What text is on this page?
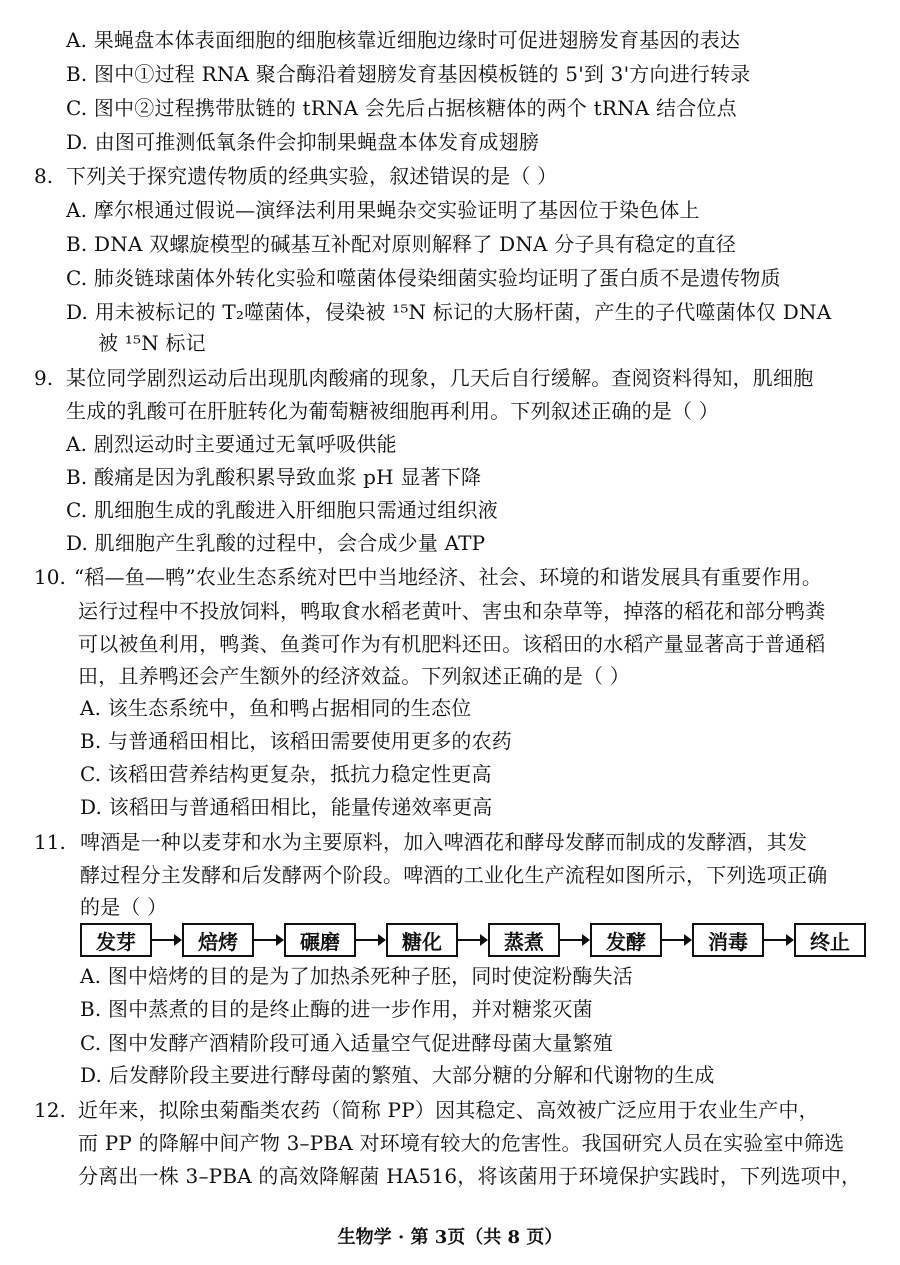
A. 果蝇盘本体表面细胞的细胞核靠近细胞边缘时可促进翅膀发育基因的表达
B. 图中①过程 RNA 聚合酶沿着翅膀发育基因模板链的 5'到 3'方向进行转录
C. 图中②过程携带肽链的 tRNA 会先后占据核糖体的两个 tRNA 结合位点
D. 由图可推测低氧条件会抑制果蝇盘本体发育成翅膀
8. 下列关于探究遗传物质的经典实验，叙述错误的是（ ）
A. 摩尔根通过假说—演绎法利用果蝇杂交实验证明了基因位于染色体上
B. DNA 双螺旋模型的碱基互补配对原则解释了 DNA 分子具有稳定的直径
C. 肺炎链球菌体外转化实验和噬菌体侵染细菌实验均证明了蛋白质不是遗传物质
D. 用未被标记的 T₂噬菌体，侵染被 ¹⁵N 标记的大肠杆菌，产生的子代噬菌体仅 DNA
被 ¹⁵N 标记
9. 某位同学剧烈运动后出现肌肉酸痛的现象，几天后自行缓解。查阅资料得知，肌细胞
生成的乳酸可在肝脏转化为葡萄糖被细胞再利用。下列叙述正确的是（ ）
A. 剧烈运动时主要通过无氧呼吸供能
B. 酸痛是因为乳酸积累导致血浆 pH 显著下降
C. 肌细胞生成的乳酸进入肝细胞只需通过组织液
D. 肌细胞产生乳酸的过程中，会合成少量 ATP
10. “稻—鱼—鸭”农业生态系统对巴中当地经济、社会、环境的和谐发展具有重要作用。
运行过程中不投放饲料，鸭取食水稻老黄叶、害虫和杂草等，掉落的稻花和部分鸭粪
可以被鱼利用，鸭粪、鱼粪可作为有机肥料还田。该稻田的水稻产量显著高于普通稻
田，且养鸭还会产生额外的经济效益。下列叙述正确的是（ ）
A. 该生态系统中，鱼和鸭占据相同的生态位
B. 与普通稻田相比，该稻田需要使用更多的农药
C. 该稻田营养结构更复杂，抵抗力稳定性更高
D. 该稻田与普通稻田相比，能量传递效率更高
11. 啤酒是一种以麦芽和水为主要原料，加入啤酒花和酵母发酵而制成的发酵酒，其发
酵过程分主发酵和后发酵两个阶段。啤酒的工业化生产流程如图所示，下列选项正确
的是（ ）
发芽	焙烤	碾磨	糖化	蒸煮	发酵	消毒	终止
A. 图中焙烤的目的是为了加热杀死种子胚，同时使淀粉酶失活
B. 图中蒸煮的目的是终止酶的进一步作用，并对糖浆灭菌
C. 图中发酵产酒精阶段可通入适量空气促进酵母菌大量繁殖
D. 后发酵阶段主要进行酵母菌的繁殖、大部分糖的分解和代谢物的生成
12. 近年来，拟除虫菊酯类农药（简称 PP）因其稳定、高效被广泛应用于农业生产中，
而 PP 的降解中间产物 3–PBA 对环境有较大的危害性。我国研究人员在实验室中筛选
分离出一株 3–PBA 的高效降解菌 HA516，将该菌用于环境保护实践时，下列选项中，
生物学 · 第 3页（共 8 页）
